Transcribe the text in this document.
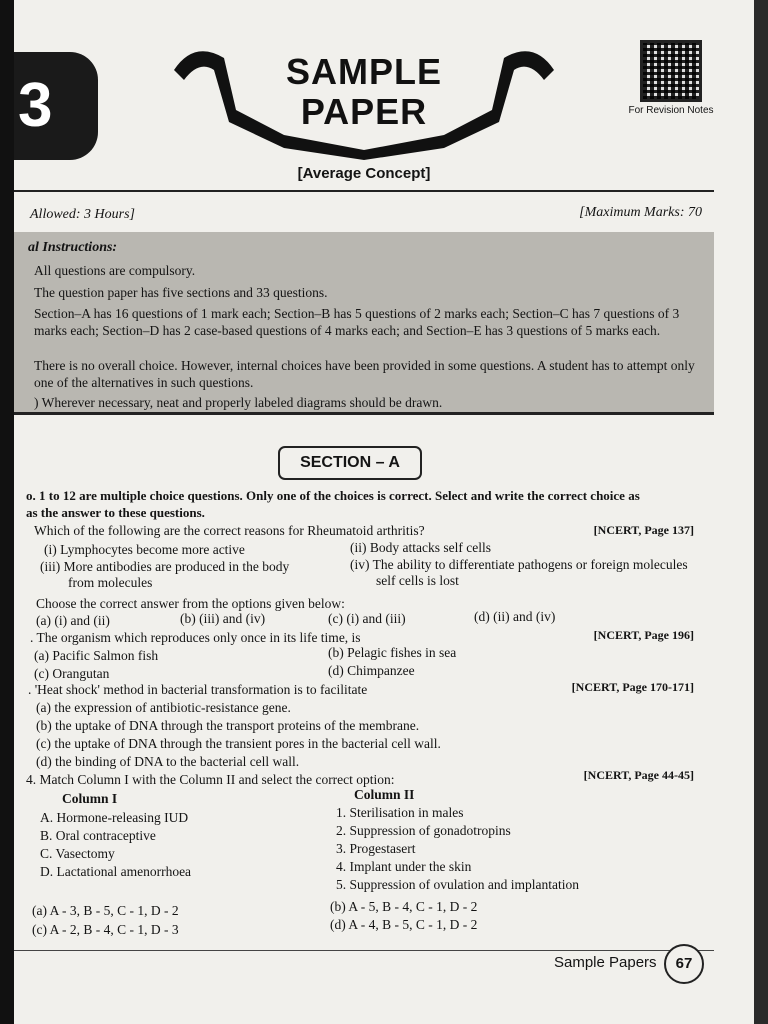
3	SAMPLE
PAPER
[Average Concept]
For Revision Notes
Allowed: 3 Hours]	[Maximum Marks: 70
al Instructions:
All questions are compulsory.
The question paper has five sections and 33 questions.
Section–A has 16 questions of 1 mark each; Section–B has 5 questions of 2 marks each; Section–C has 7 questions of 3 marks each; Section–D has 2 case-based questions of 4 marks each; and Section–E has 3 questions of 5 marks each.
There is no overall choice. However, internal choices have been provided in some questions. A student has to attempt only one of the alternatives in such questions.
) Wherever necessary, neat and properly labeled diagrams should be drawn.
SECTION – A
o. 1 to 12 are multiple choice questions. Only one of the choices is correct. Select and write the correct choice as
as the answer to these questions.
Which of the following are the correct reasons for Rheumatoid arthritis?	[NCERT, Page 137]
(i) Lymphocytes become more active	(ii) Body attacks self cells
(iii) More antibodies are produced in the body
from molecules
(iv) The ability to differentiate pathogens or foreign molecules
self cells is lost
Choose the correct answer from the options given below:
(a) (i) and (ii)	(b) (iii) and (iv)	(c) (i) and (iii)	(d) (ii) and (iv)
. The organism which reproduces only once in its life time, is	[NCERT, Page 196]
(a) Pacific Salmon fish	(b) Pelagic fishes in sea
(c) Orangutan	(d) Chimpanzee
. 'Heat shock' method in bacterial transformation is to facilitate	[NCERT, Page 170-171]
(a) the expression of antibiotic-resistance gene.
(b) the uptake of DNA through the transport proteins of the membrane.
(c) the uptake of DNA through the transient pores in the bacterial cell wall.
(d) the binding of DNA to the bacterial cell wall.
4. Match Column I with the Column II and select the correct option:	[NCERT, Page 44-45]
Column I	Column II
A. Hormone-releasing IUD
B. Oral contraceptive
C. Vasectomy
D. Lactational amenorrhoea
1. Sterilisation in males
2. Suppression of gonadotropins
3. Progestasert
4. Implant under the skin
5. Suppression of ovulation and implantation
(a) A - 3, B - 5, C - 1, D - 2	(b) A - 5, B - 4, C - 1, D - 2
(c) A - 2, B - 4, C - 1, D - 3	(d) A - 4, B - 5, C - 1, D - 2
Sample Papers	67
